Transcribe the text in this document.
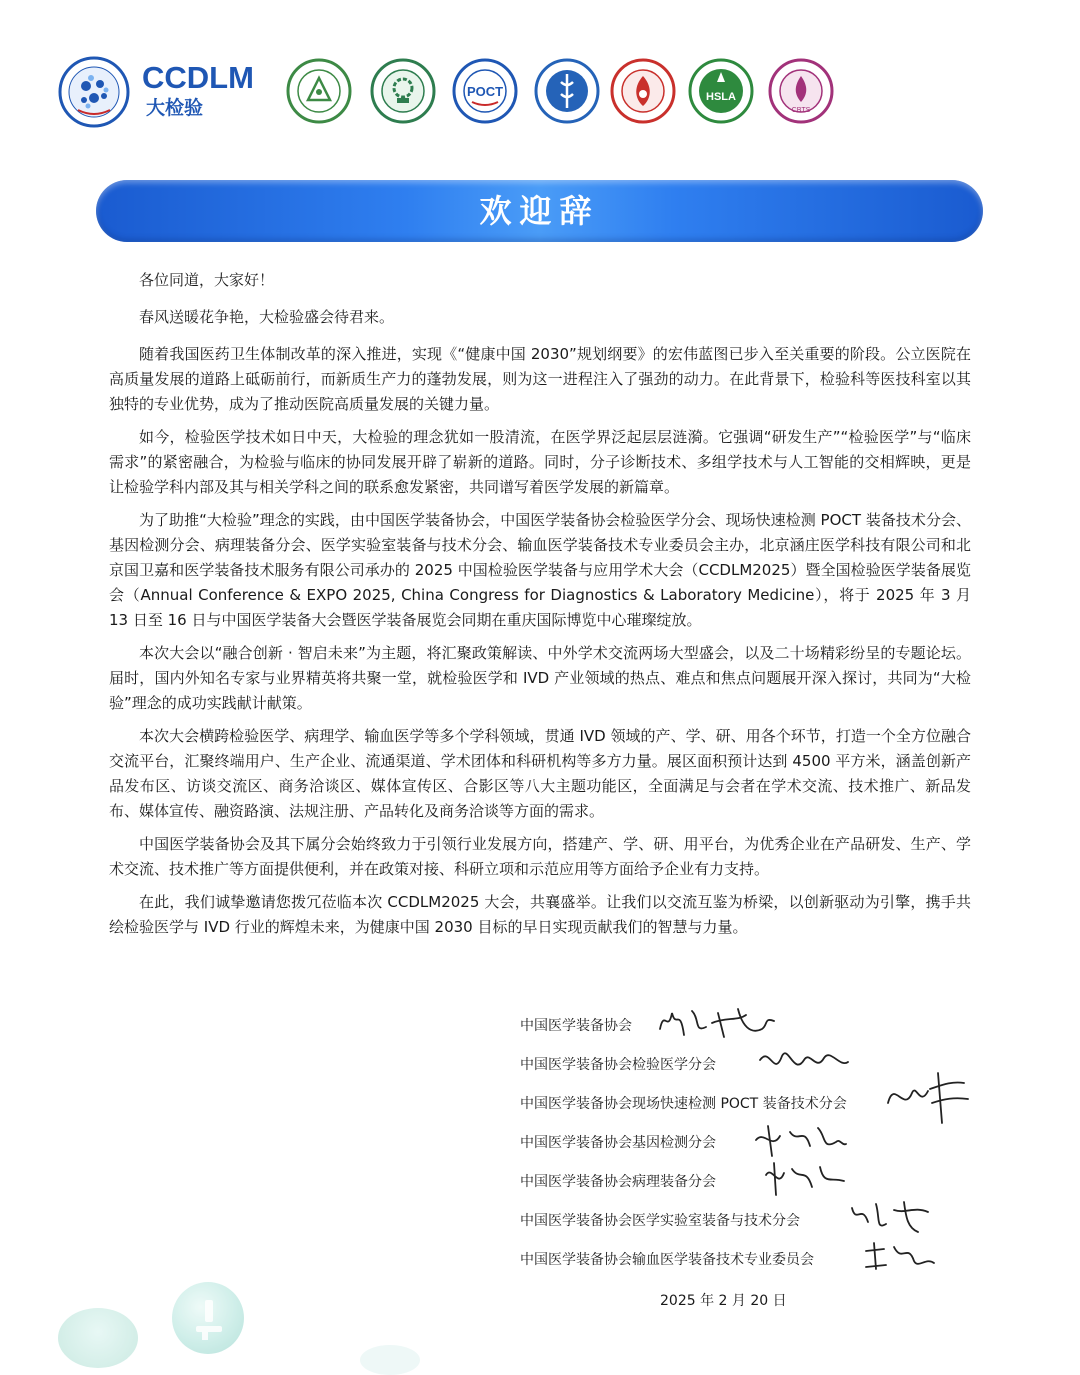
CCDLM
大检验
POCT	HSLA
CBTS
欢迎辞

各位同道，大家好！

春风送暖花争艳，大检验盛会待君来。

随着我国医药卫生体制改革的深入推进，实现《“健康中国 2030”规划纲要》的宏伟蓝图已步入至关重要的阶段。公立医院在高质量发展的道路上砥砺前行，而新质生产力的蓬勃发展，则为这一进程注入了强劲的动力。在此背景下，检验科等医技科室以其独特的专业优势，成为了推动医院高质量发展的关键力量。

如今，检验医学技术如日中天，大检验的理念犹如一股清流，在医学界泛起层层涟漪。它强调“研发生产”“检验医学”与“临床需求”的紧密融合，为检验与临床的协同发展开辟了崭新的道路。同时，分子诊断技术、多组学技术与人工智能的交相辉映，更是让检验学科内部及其与相关学科之间的联系愈发紧密，共同谱写着医学发展的新篇章。

为了助推“大检验”理念的实践，由中国医学装备协会，中国医学装备协会检验医学分会、现场快速检测 POCT 装备技术分会、基因检测分会、病理装备分会、医学实验室装备与技术分会、输血医学装备技术专业委员会主办，北京涵庄医学科技有限公司和北京国卫嘉和医学装备技术服务有限公司承办的 2025 中国检验医学装备与应用学术大会（CCDLM2025）暨全国检验医学装备展览会（Annual Conference & EXPO 2025, China Congress for Diagnostics & Laboratory Medicine），将于 2025 年 3 月 13 日至 16 日与中国医学装备大会暨医学装备展览会同期在重庆国际博览中心璀璨绽放。

本次大会以“融合创新 · 智启未来”为主题，将汇聚政策解读、中外学术交流两场大型盛会，以及二十场精彩纷呈的专题论坛。届时，国内外知名专家与业界精英将共聚一堂，就检验医学和 IVD 产业领域的热点、难点和焦点问题展开深入探讨，共同为“大检验”理念的成功实践献计献策。

本次大会横跨检验医学、病理学、输血医学等多个学科领域，贯通 IVD 领域的产、学、研、用各个环节，打造一个全方位融合交流平台，汇聚终端用户、生产企业、流通渠道、学术团体和科研机构等多方力量。展区面积预计达到 4500 平方米，涵盖创新产品发布区、访谈交流区、商务洽谈区、媒体宣传区、合影区等八大主题功能区，全面满足与会者在学术交流、技术推广、新品发布、媒体宣传、融资路演、法规注册、产品转化及商务洽谈等方面的需求。

中国医学装备协会及其下属分会始终致力于引领行业发展方向，搭建产、学、研、用平台，为优秀企业在产品研发、生产、学术交流、技术推广等方面提供便利，并在政策对接、科研立项和示范应用等方面给予企业有力支持。

在此，我们诚挚邀请您拨冗莅临本次 CCDLM2025 大会，共襄盛举。让我们以交流互鉴为桥梁，以创新驱动为引擎，携手共绘检验医学与 IVD 行业的辉煌未来，为健康中国 2030 目标的早日实现贡献我们的智慧与力量。

中国医学装备协会
中国医学装备协会检验医学分会
中国医学装备协会现场快速检测 POCT 装备技术分会
中国医学装备协会基因检测分会
中国医学装备协会病理装备分会
中国医学装备协会医学实验室装备与技术分会
中国医学装备协会输血医学装备技术专业委员会
2025 年 2 月 20 日
